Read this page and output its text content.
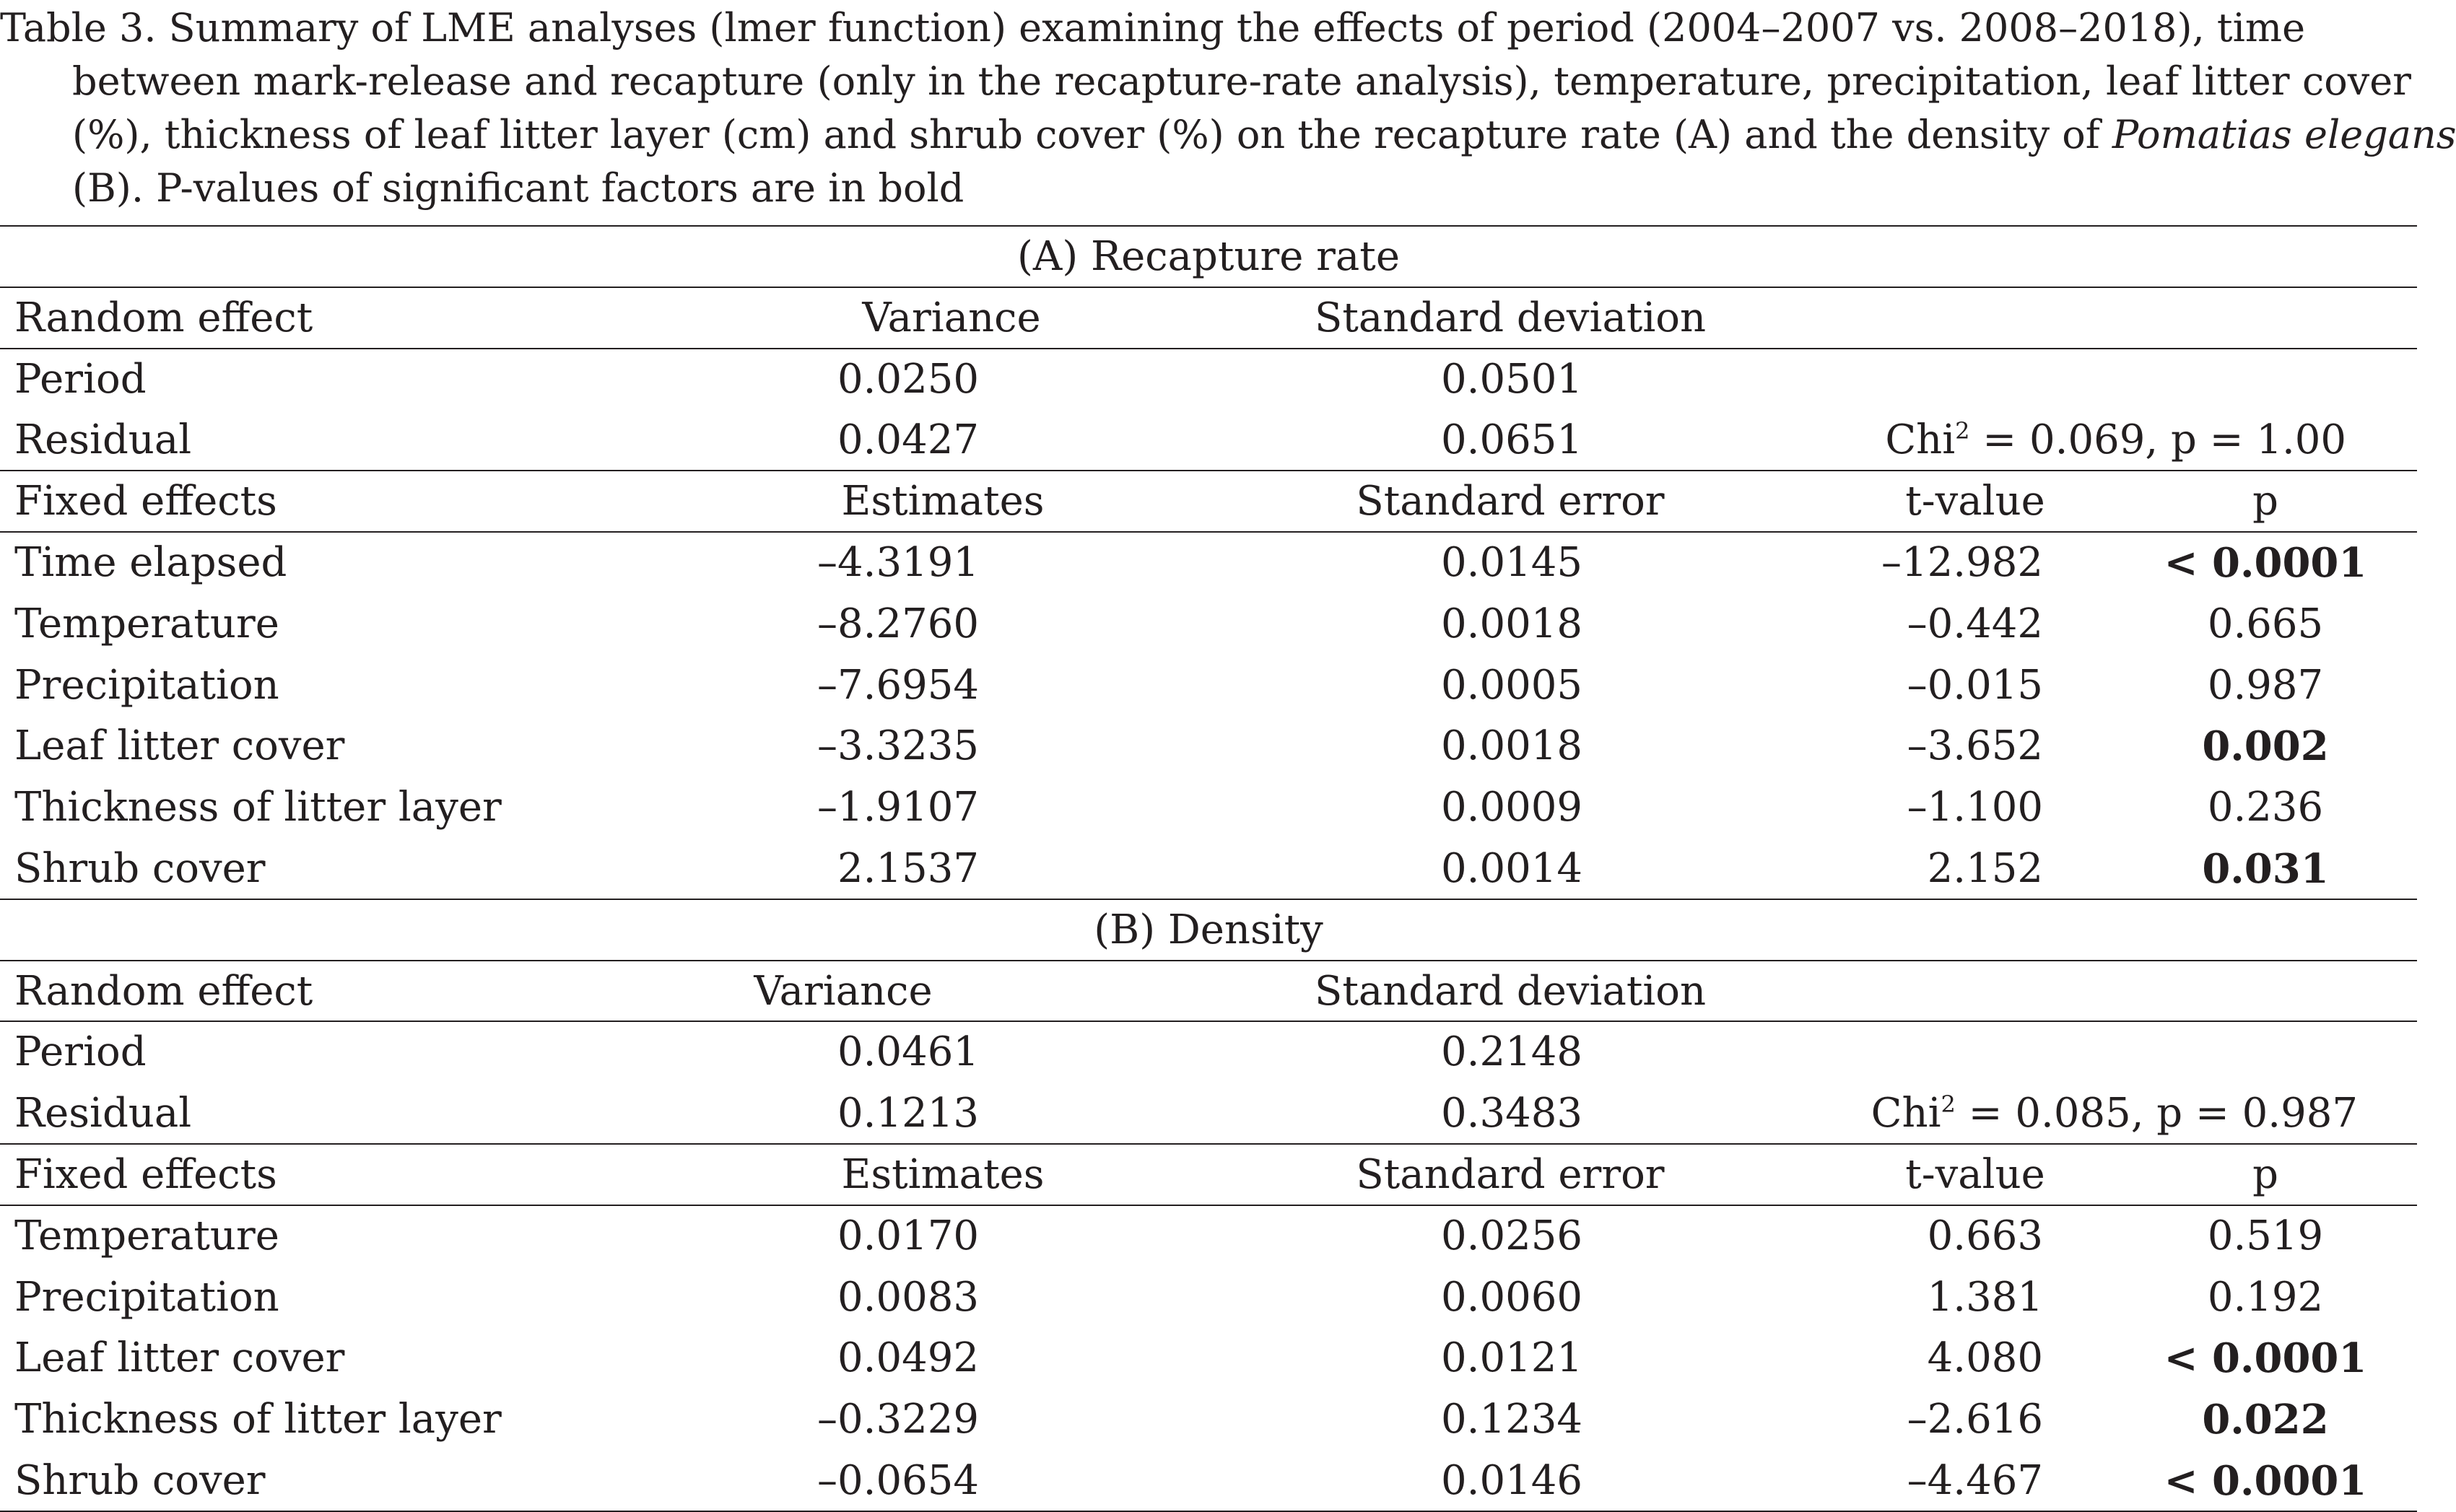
Table 3. Summary of LME analyses (lmer function) examining the effects of period (2004–2007 vs. 2008–2018), time
between mark-release and recapture (only in the recapture-rate analysis), temperature, precipitation, leaf litter cover
(%), thickness of leaf litter layer (cm) and shrub cover (%) on the recapture rate (A) and the density of Pomatias elegans
(B). P-values of significant factors are in bold
(A) Recapture rate
Random effect	Variance	Standard deviation
Period	0.0250	0.0501
Residual	0.0427	0.0651	Chi$^2$ = 0.069, p = 1.00
Fixed effects	Estimates	Standard error	t-value	p
Time elapsed	–4.3191	0.0145	–12.982	< 0.0001
Temperature	–8.2760	0.0018	–0.442	0.665
Precipitation	–7.6954	0.0005	–0.015	0.987
Leaf litter cover	–3.3235	0.0018	–3.652	0.002
Thickness of litter layer	–1.9107	0.0009	–1.100	0.236
Shrub cover	2.1537	0.0014	2.152	0.031
(B) Density
Random effect	Variance	Standard deviation
Period	0.0461	0.2148
Residual	0.1213	0.3483	Chi$^2$ = 0.085, p = 0.987
Fixed effects	Estimates	Standard error	t-value	p
Temperature	0.0170	0.0256	0.663	0.519
Precipitation	0.0083	0.0060	1.381	0.192
Leaf litter cover	0.0492	0.0121	4.080	< 0.0001
Thickness of litter layer	–0.3229	0.1234	–2.616	0.022
Shrub cover	–0.0654	0.0146	–4.467	< 0.0001
